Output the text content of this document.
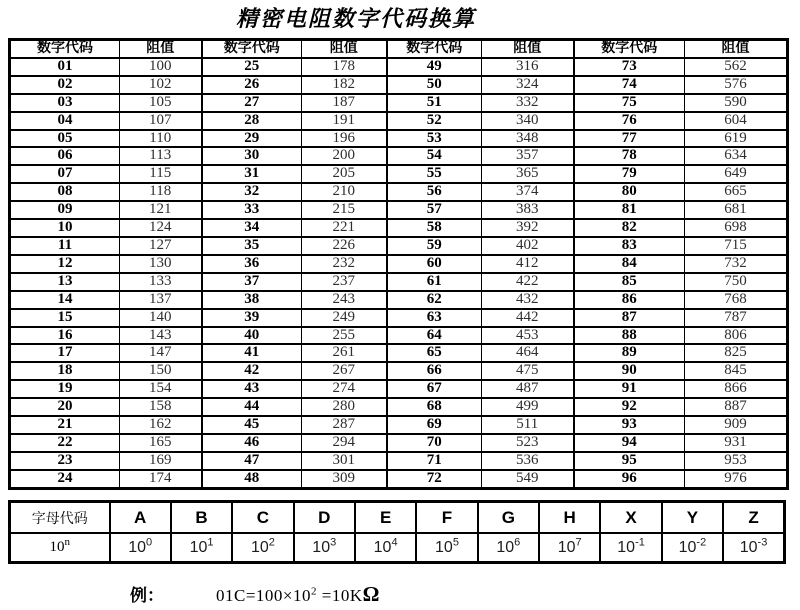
精密电阻数字代码换算
数字代码	阻值	数字代码	阻值	数字代码	阻值	数字代码	阻值
01	100	25	178	49	316	73	562
02	102	26	182	50	324	74	576
03	105	27	187	51	332	75	590
04	107	28	191	52	340	76	604
05	110	29	196	53	348	77	619
06	113	30	200	54	357	78	634
07	115	31	205	55	365	79	649
08	118	32	210	56	374	80	665
09	121	33	215	57	383	81	681
10	124	34	221	58	392	82	698
11	127	35	226	59	402	83	715
12	130	36	232	60	412	84	732
13	133	37	237	61	422	85	750
14	137	38	243	62	432	86	768
15	140	39	249	63	442	87	787
16	143	40	255	64	453	88	806
17	147	41	261	65	464	89	825
18	150	42	267	66	475	90	845
19	154	43	274	67	487	91	866
20	158	44	280	68	499	92	887
21	162	45	287	69	511	93	909
22	165	46	294	70	523	94	931
23	169	47	301	71	536	95	953
24	174	48	309	72	549	96	976
字母代码	A	B	C	D	E	F	G	H	X	Y	Z
10$^n$	$10^0$	$10^1$	$10^2$	$10^3$	$10^4$	$10^5$	$10^6$	$10^7$	$10^{-1}$	$10^{-2}$	$10^{-3}$
例：	$01C=100\times 10^2 =10K\Omega$
